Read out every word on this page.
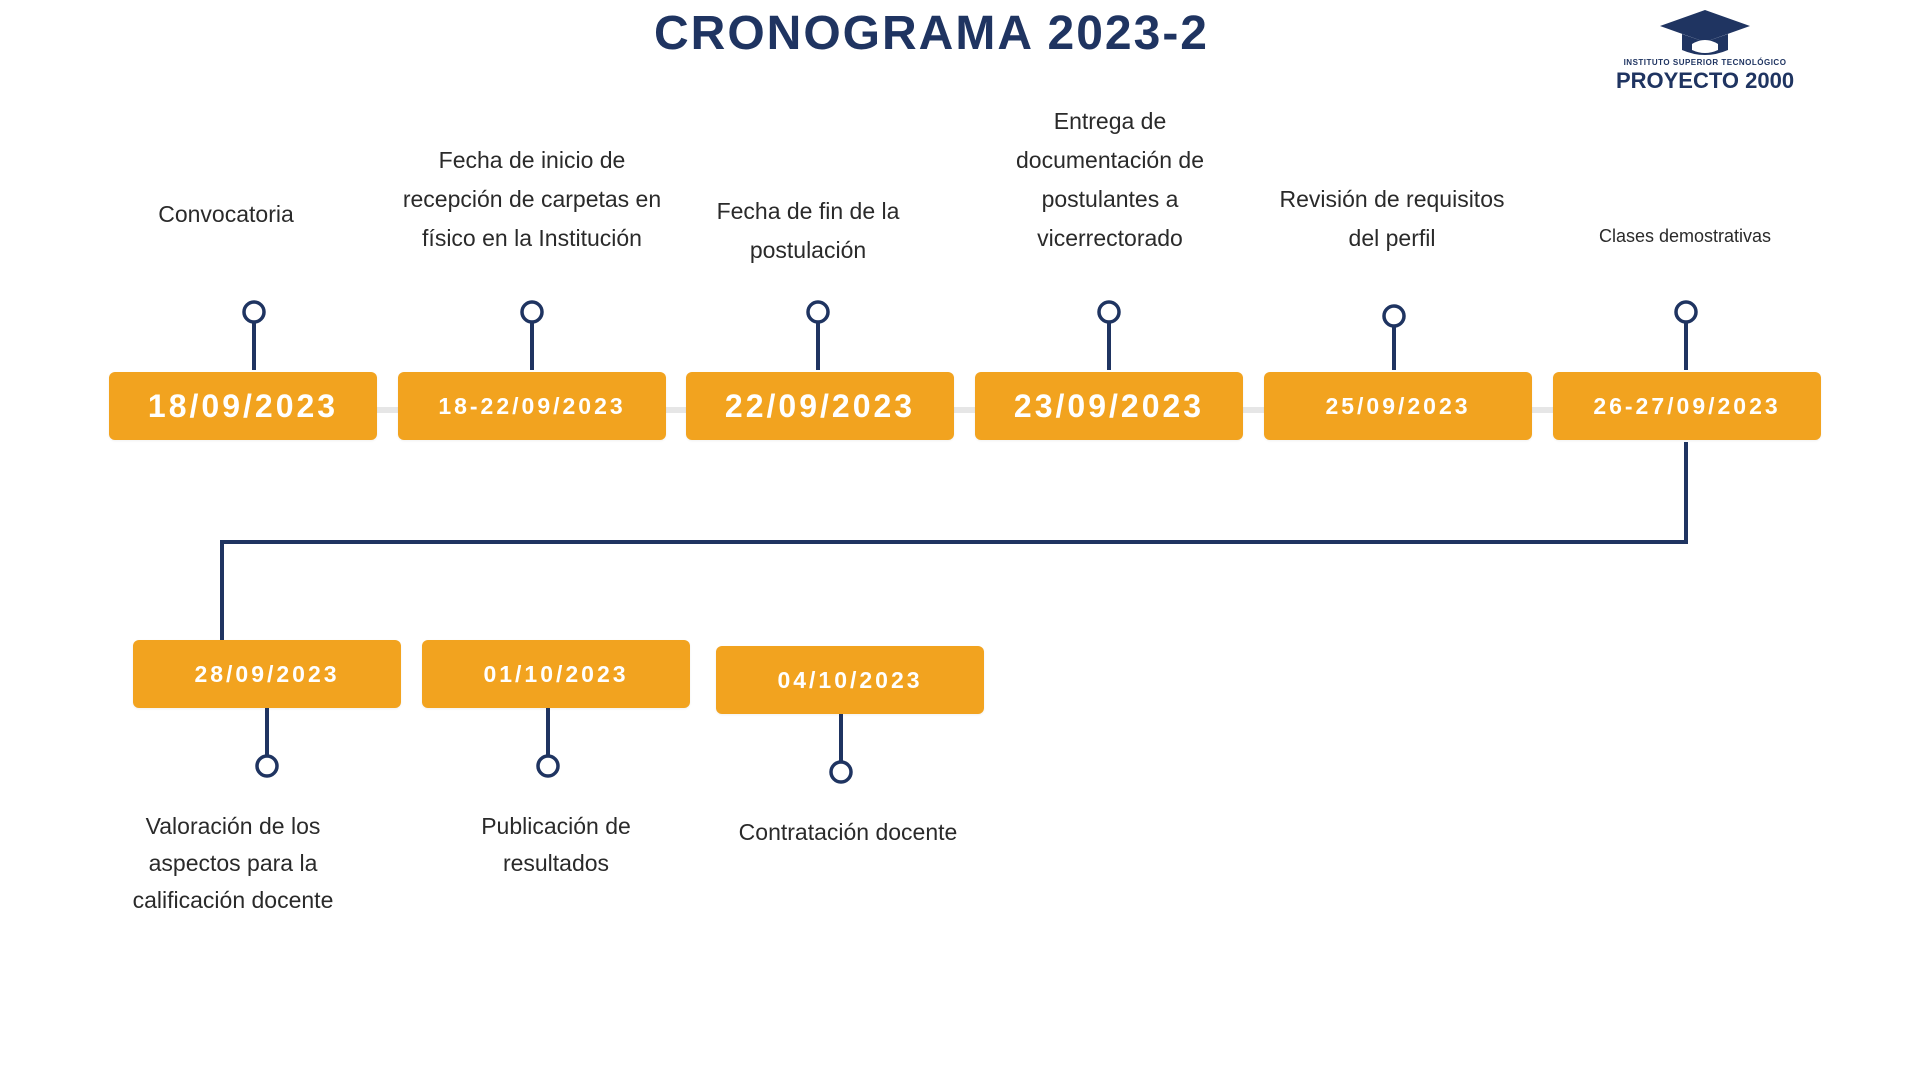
CRONOGRAMA 2023-2
INSTITUTO SUPERIOR TECNOLÓGICO
PROYECTO 2000
Convocatoria
Fecha de inicio de recepción de carpetas en físico en la Institución
Fecha de fin de la postulación
Entrega de documentación de postulantes a vicerrectorado
Revisión de requisitos del perfil	Clases demostrativas
18/09/2023	18-22/09/2023	22/09/2023	23/09/2023	25/09/2023	26-27/09/2023
28/09/2023	01/10/2023	04/10/2023
Valoración de los aspectos para la calificación docente
Publicación de resultados
Contratación docente
